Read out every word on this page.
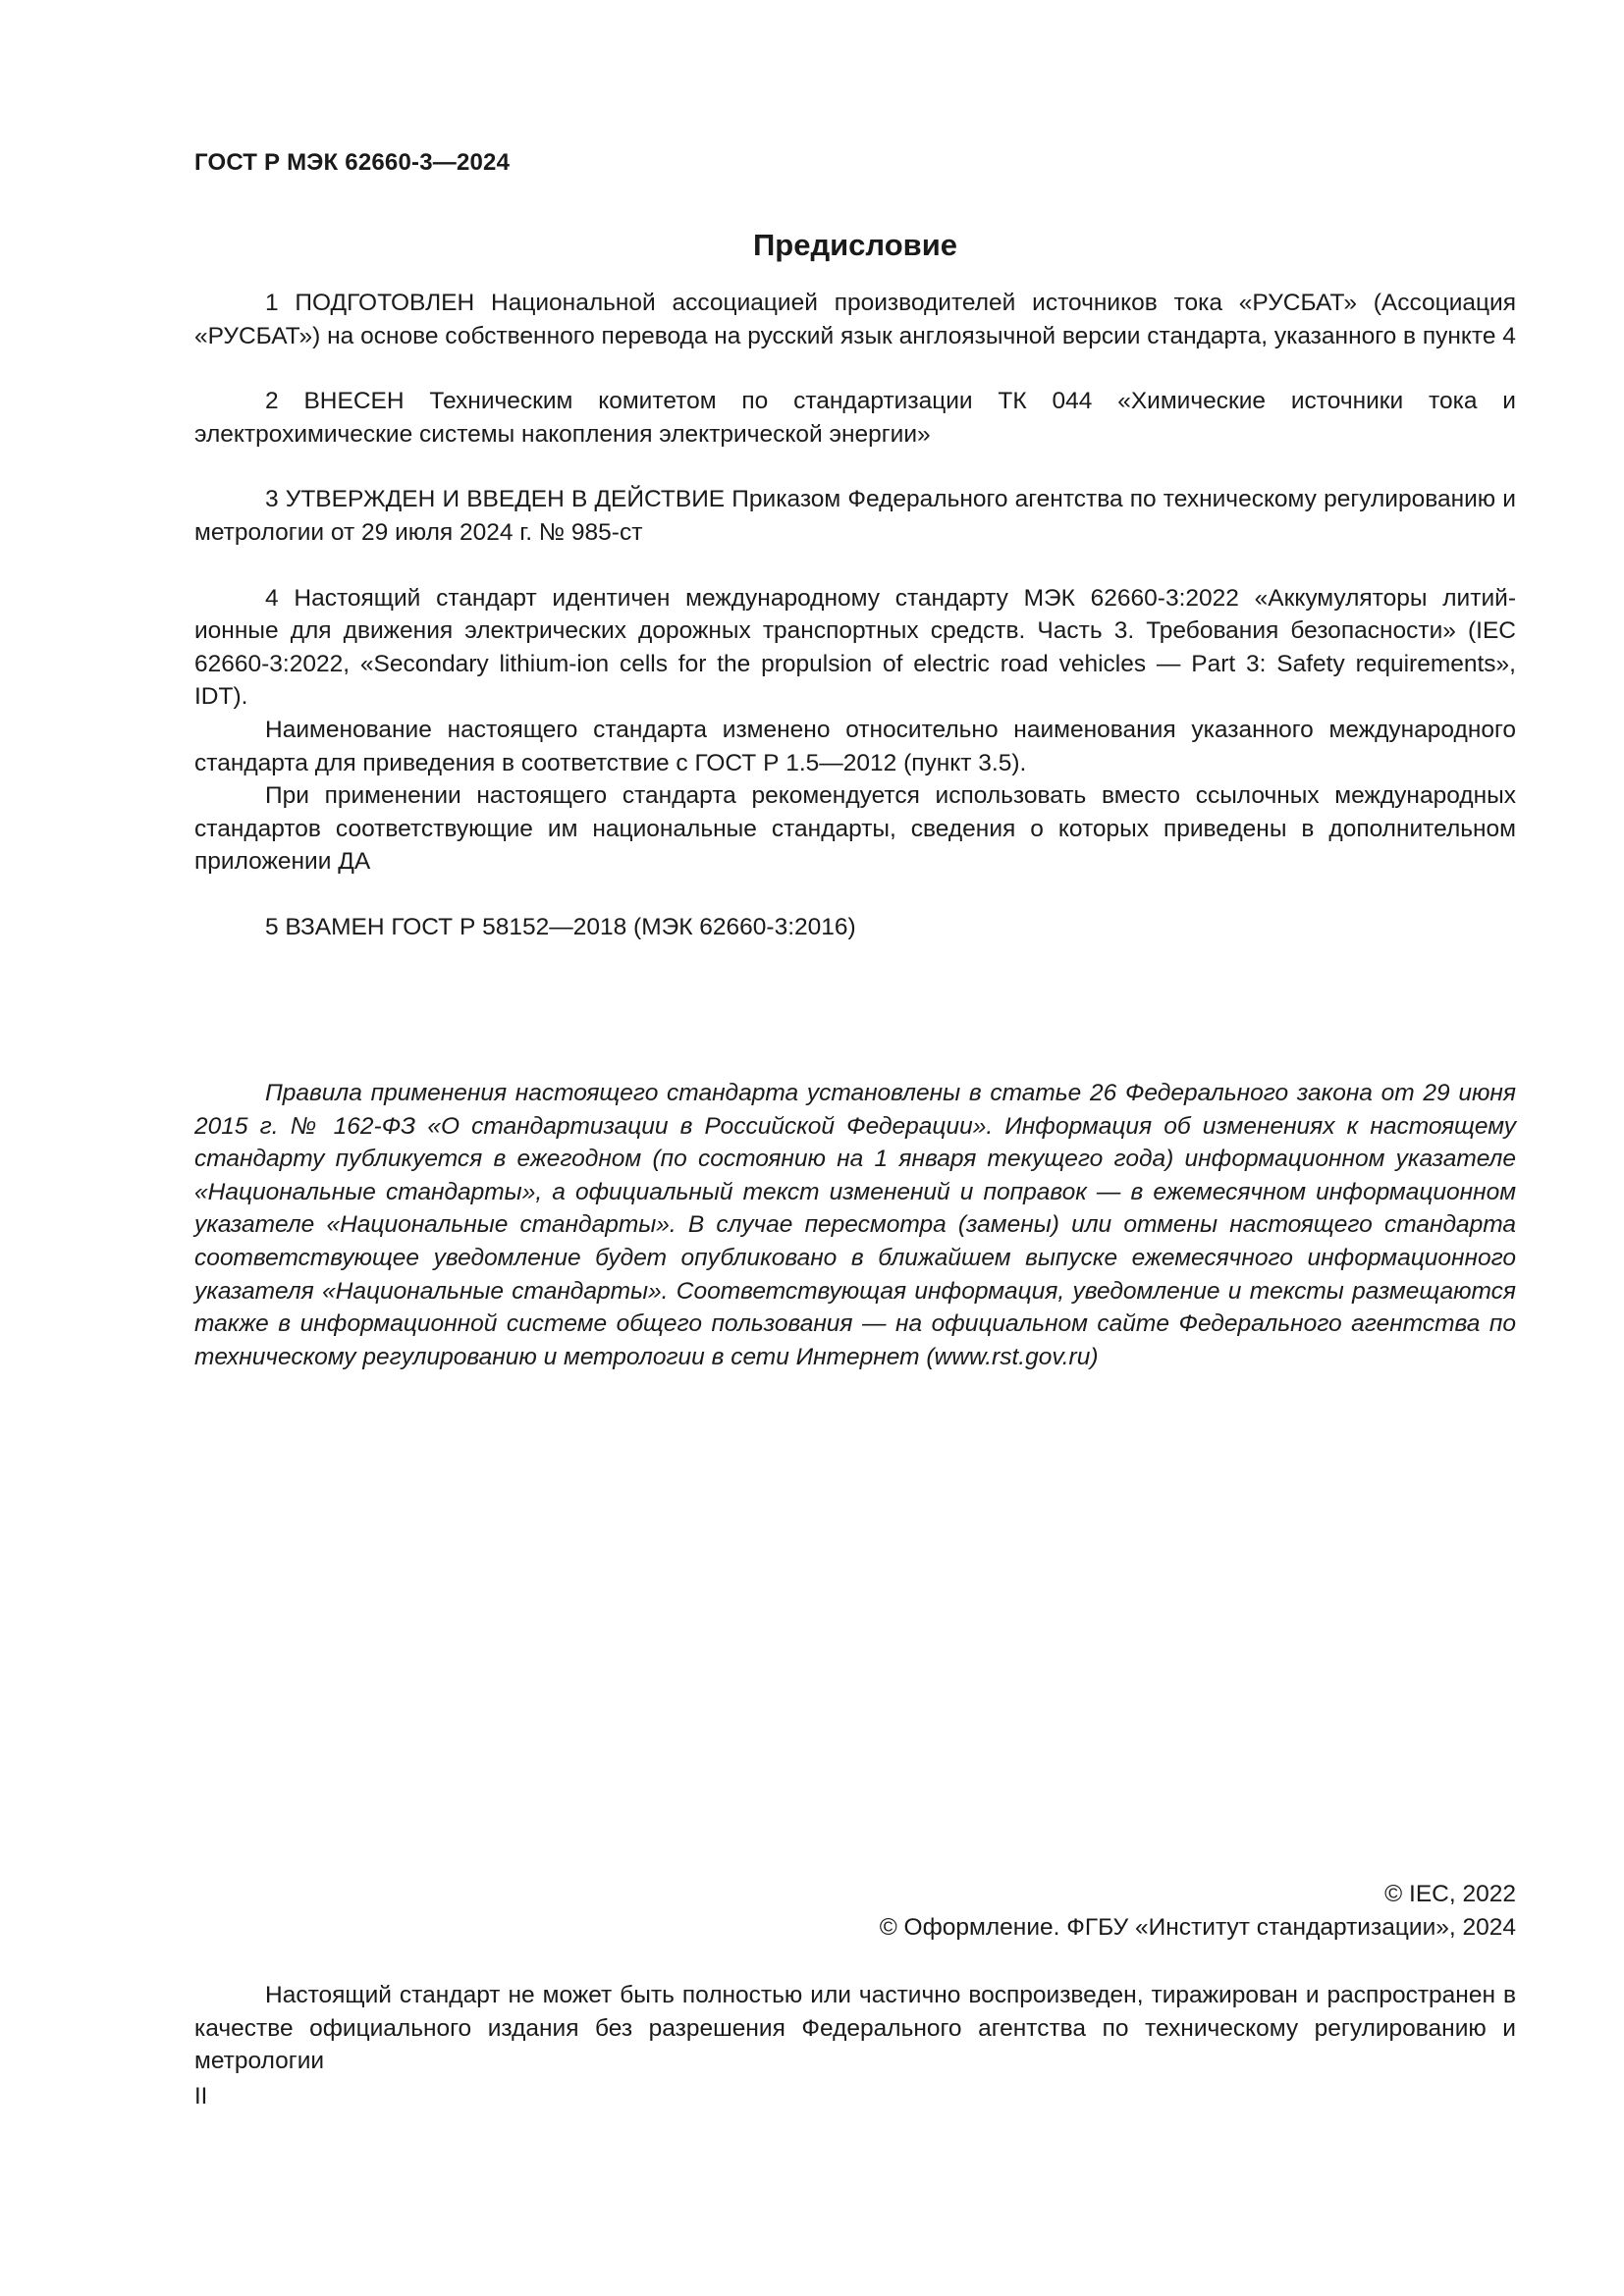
ГОСТ Р МЭК 62660-3—2024
Предисловие

1 ПОДГОТОВЛЕН Национальной ассоциацией производителей источников тока «РУСБАТ» (Ассоциация «РУСБАТ») на основе собственного перевода на русский язык англоязычной версии стандарта, указанного в пункте 4

2 ВНЕСЕН Техническим комитетом по стандартизации ТК 044 «Химические источники тока и электрохимические системы накопления электрической энергии»

3 УТВЕРЖДЕН И ВВЕДЕН В ДЕЙСТВИЕ Приказом Федерального агентства по техническому регулированию и метрологии от 29 июля 2024 г. № 985-ст

4 Настоящий стандарт идентичен международному стандарту МЭК 62660-3:2022 «Аккумуляторы литий-ионные для движения электрических дорожных транспортных средств. Часть 3. Требования безопасности» (IEC 62660-3:2022, «Secondary lithium-ion cells for the propulsion of electric road vehicles — Part 3: Safety requirements», IDT).

Наименование настоящего стандарта изменено относительно наименования указанного международного стандарта для приведения в соответствие с ГОСТ Р 1.5—2012 (пункт 3.5).

При применении настоящего стандарта рекомендуется использовать вместо ссылочных международных стандартов соответствующие им национальные стандарты, сведения о которых приведены в дополнительном приложении ДА

5 ВЗАМЕН ГОСТ Р 58152—2018 (МЭК 62660-3:2016)

Правила применения настоящего стандарта установлены в статье 26 Федерального закона от 29 июня 2015 г. № 162-ФЗ «О стандартизации в Российской Федерации». Информация об изменениях к настоящему стандарту публикуется в ежегодном (по состоянию на 1 января текущего года) информационном указателе «Национальные стандарты», а официальный текст изменений и поправок — в ежемесячном информационном указателе «Национальные стандарты». В случае пересмотра (замены) или отмены настоящего стандарта соответствующее уведомление будет опубликовано в ближайшем выпуске ежемесячного информационного указателя «Национальные стандарты». Соответствующая информация, уведомление и тексты размещаются также в информационной системе общего пользования — на официальном сайте Федерального агентства по техническому регулированию и метрологии в сети Интернет (www.rst.gov.ru)

© IEC, 2022
© Оформление. ФГБУ «Институт стандартизации», 2024

Настоящий стандарт не может быть полностью или частично воспроизведен, тиражирован и распространен в качестве официального издания без разрешения Федерального агентства по техническому регулированию и метрологии

II
